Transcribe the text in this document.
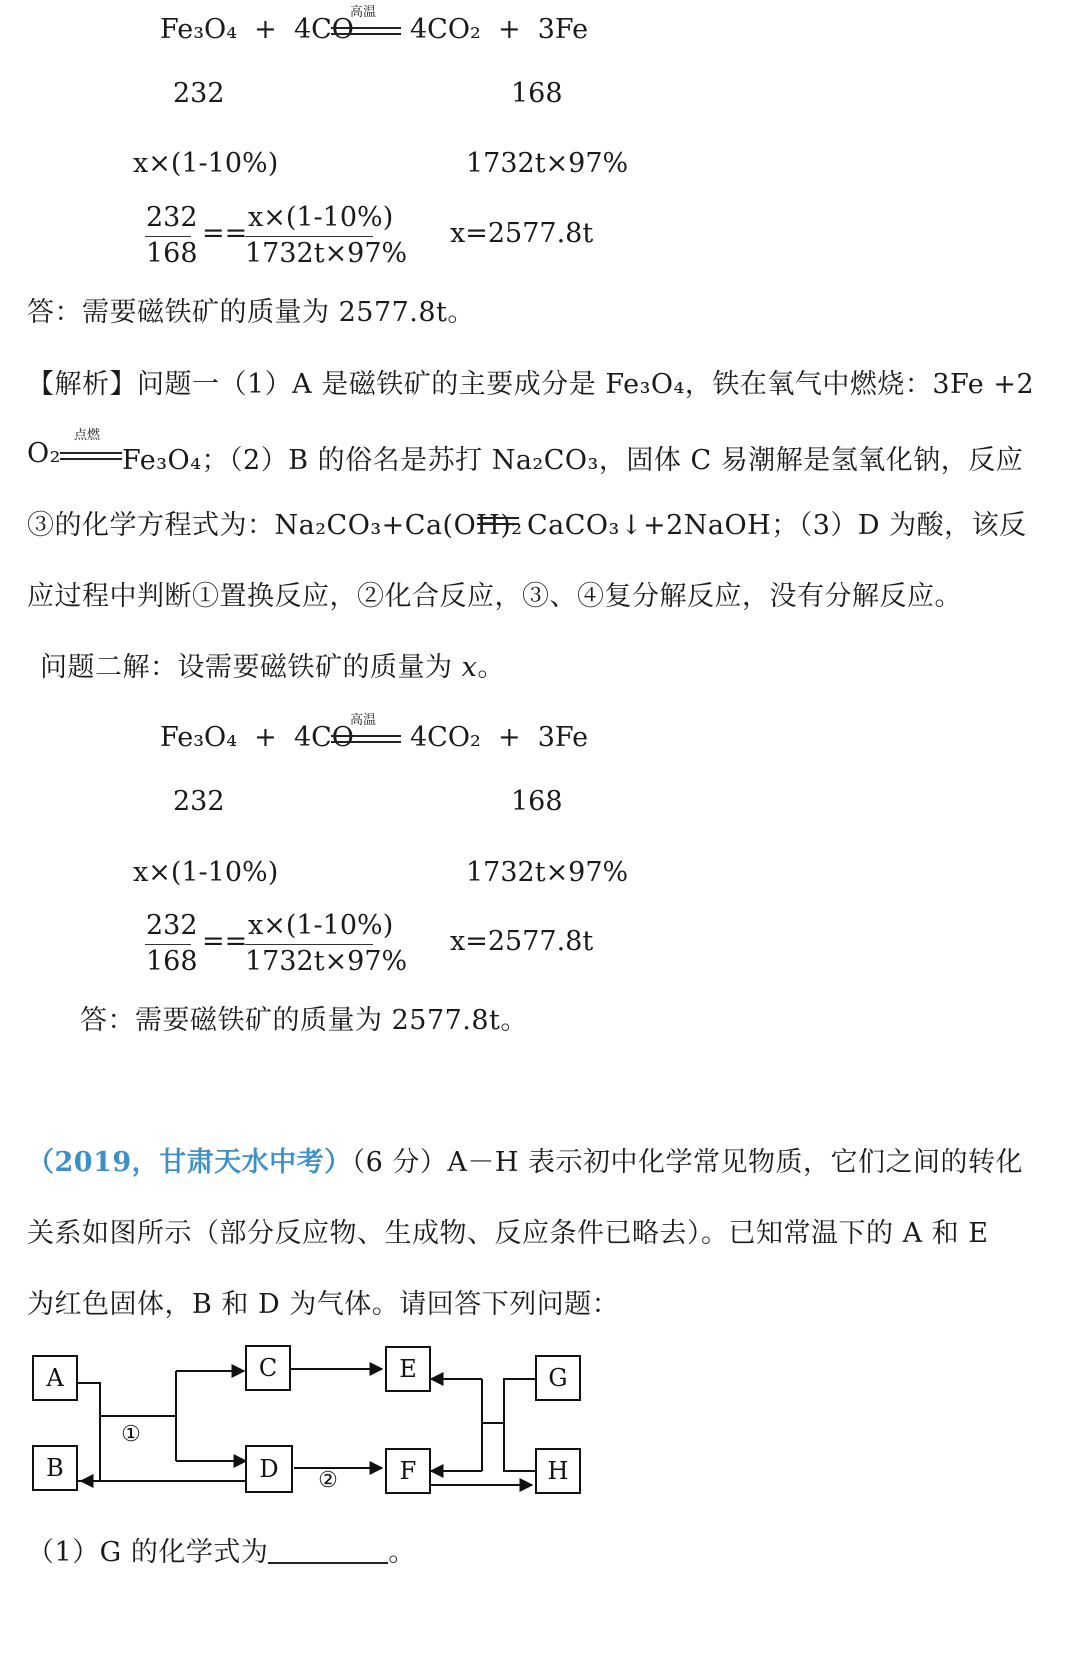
Fe₃O₄  +  4CO
高温
4CO₂  +  3Fe
232	168
x×(1-10%)	1732t×97%
232
168
==
x×(1-10%)
1732t×97%
x=2577.8t
答：需要磁铁矿的质量为 2577.8t。
【解析】问题一（1）A 是磁铁矿的主要成分是 Fe₃O₄，铁在氧气中燃烧：3Fe +2
O₂
点燃
Fe₃O₄；（2）B 的俗名是苏打 Na₂CO₃，固体 C 易潮解是氢氧化钠，反应
③的化学方程式为：Na₂CO₃+Ca(OH)₂ CaCO₃↓+2NaOH；（3）D 为酸，该反
应过程中判断①置换反应，②化合反应，③、④复分解反应，没有分解反应。
问题二解：设需要磁铁矿的质量为 x。
Fe₃O₄  +  4CO
高温
4CO₂  +  3Fe
232	168
x×(1-10%)	1732t×97%
232
168
==
x×(1-10%)
1732t×97%
x=2577.8t
答：需要磁铁矿的质量为 2577.8t。
（2019，甘肃天水中考）（6 分）A－H 表示初中化学常见物质，它们之间的转化
关系如图所示（部分反应物、生成物、反应条件已略去）。已知常温下的 A 和 E
为红色固体，B 和 D 为气体。请回答下列问题：
A
B
C
D
E
F
G
H
①
②
（1）G 的化学式为	。
